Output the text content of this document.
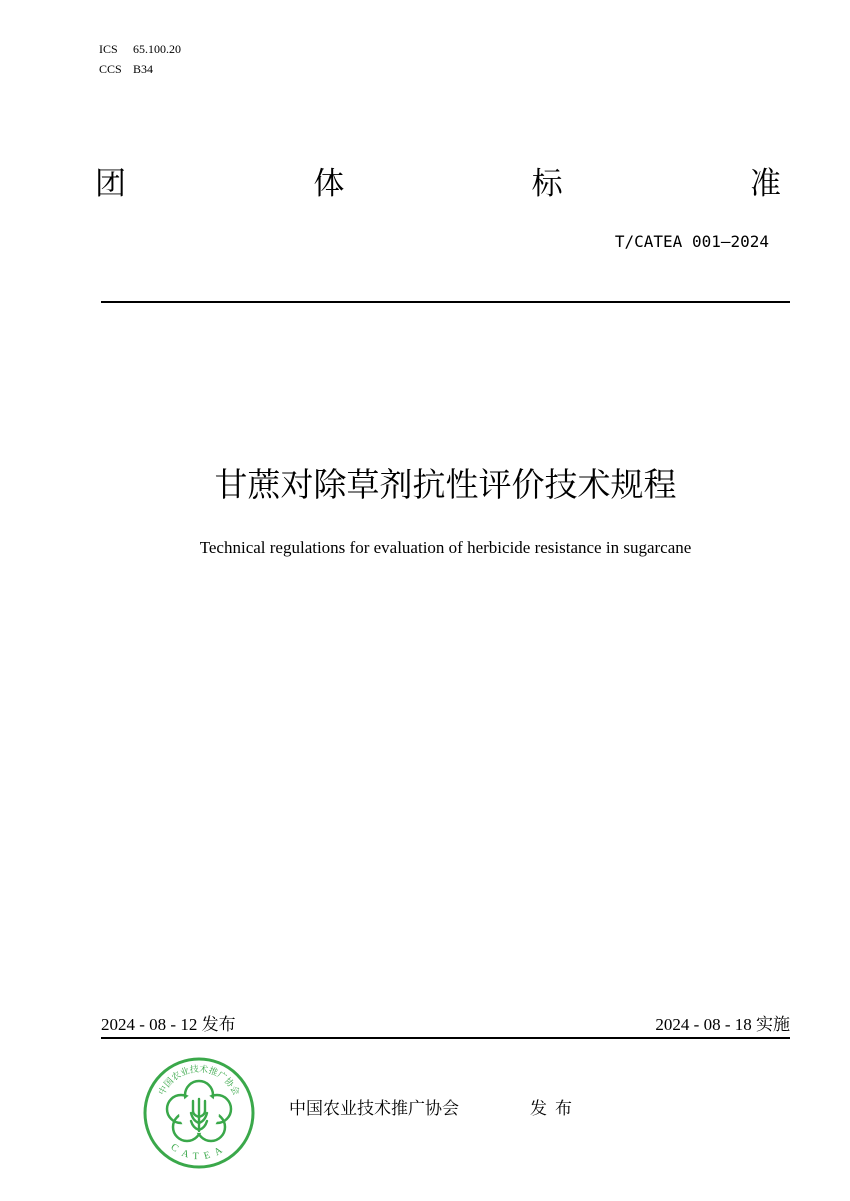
ICS 65.100.20
CCS B34
团	体	标	准
T/CATEA 001—2024
甘蔗对除草剂抗性评价技术规程
Technical regulations for evaluation of herbicide resistance in sugarcane
2024 - 08 - 12 发布	2024 - 08 - 18 实施
中国农业技术推广协会
CATEA
中国农业技术推广协会	发布
